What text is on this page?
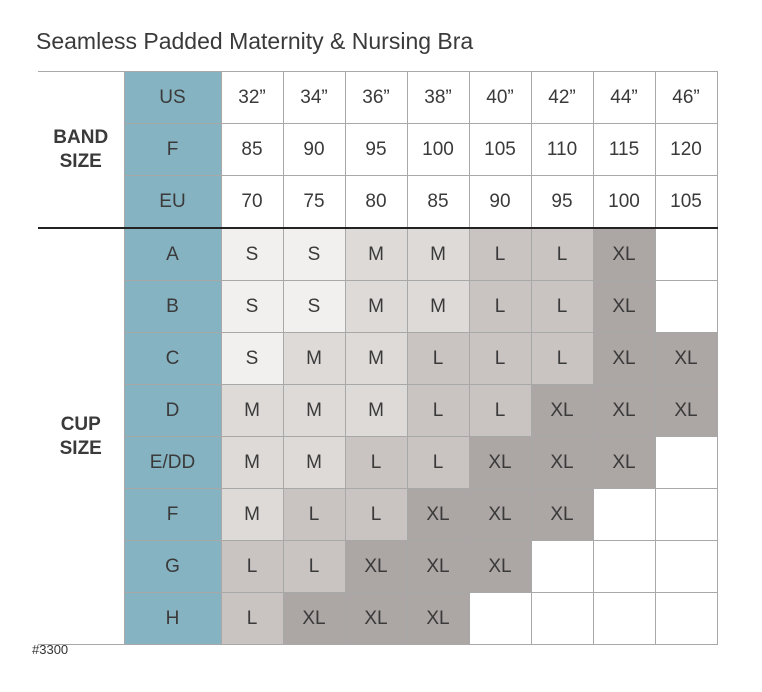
Seamless Padded Maternity & Nursing Bra
BAND
SIZE	US	32”	34”	36”	38”	40”	42”	44”	46”
	F	85	90	95	100	105	110	115	120
	EU	70	75	80	85	90	95	100	105

CUP
SIZE	A	S	S	M	M	L	L	XL	
	B	S	S	M	M	L	L	XL	
	C	S	M	M	L	L	L	XL	XL
	D	M	M	M	L	L	XL	XL	XL
	E/DD	M	M	L	L	XL	XL	XL	
	F	M	L	L	XL	XL	XL		
	G	L	L	XL	XL	XL			
	H	L	XL	XL	XL				
#3300
